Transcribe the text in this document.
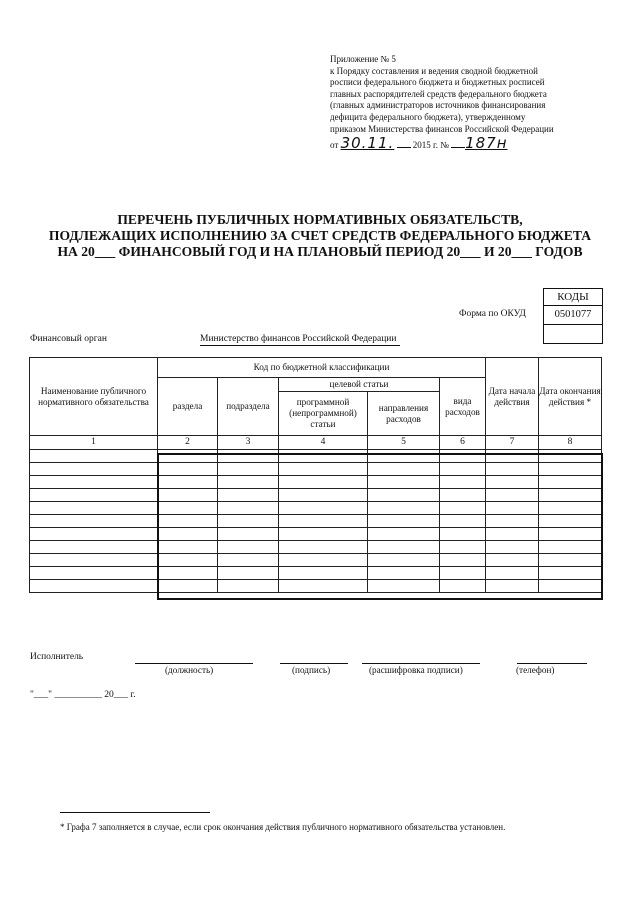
Приложение № 5
к Порядку составления и ведения сводной бюджетной
росписи федерального бюджета и бюджетных росписей
главных распорядителей средств федерального бюджета
(главных администраторов источников финансирования
дефицита федерального бюджета), утвержденному
приказом Министерства финансов Российской Федерации
от 30.11. 2015 г. № 187н
ПЕРЕЧЕНЬ ПУБЛИЧНЫХ НОРМАТИВНЫХ ОБЯЗАТЕЛЬСТВ,
ПОДЛЕЖАЩИХ ИСПОЛНЕНИЮ ЗА СЧЕТ СРЕДСТВ ФЕДЕРАЛЬНОГО БЮДЖЕТА
НА 20___ ФИНАНСОВЫЙ ГОД И НА ПЛАНОВЫЙ ПЕРИОД 20___ И 20___ ГОДОВ
Форма по ОКУД
КОДЫ
0501077
Финансовый орган	Министерство финансов Российской Федерации
Наименование публичного нормативного обязательства	Код по бюджетной классификации					Дата начала действия	Дата окончания действия *
	раздела	подраздела	целевой статьи		вида расходов		
			программной (непрограммной) статьи	направления расходов			
1	2	3	4	5	6	7	8

Исполнитель
(должность)	(подпись)	(расшифровка подписи)	(телефон)
"___" __________ 20___ г.
* Графа 7 заполняется в случае, если срок окончания действия публичного нормативного обязательства установлен.
